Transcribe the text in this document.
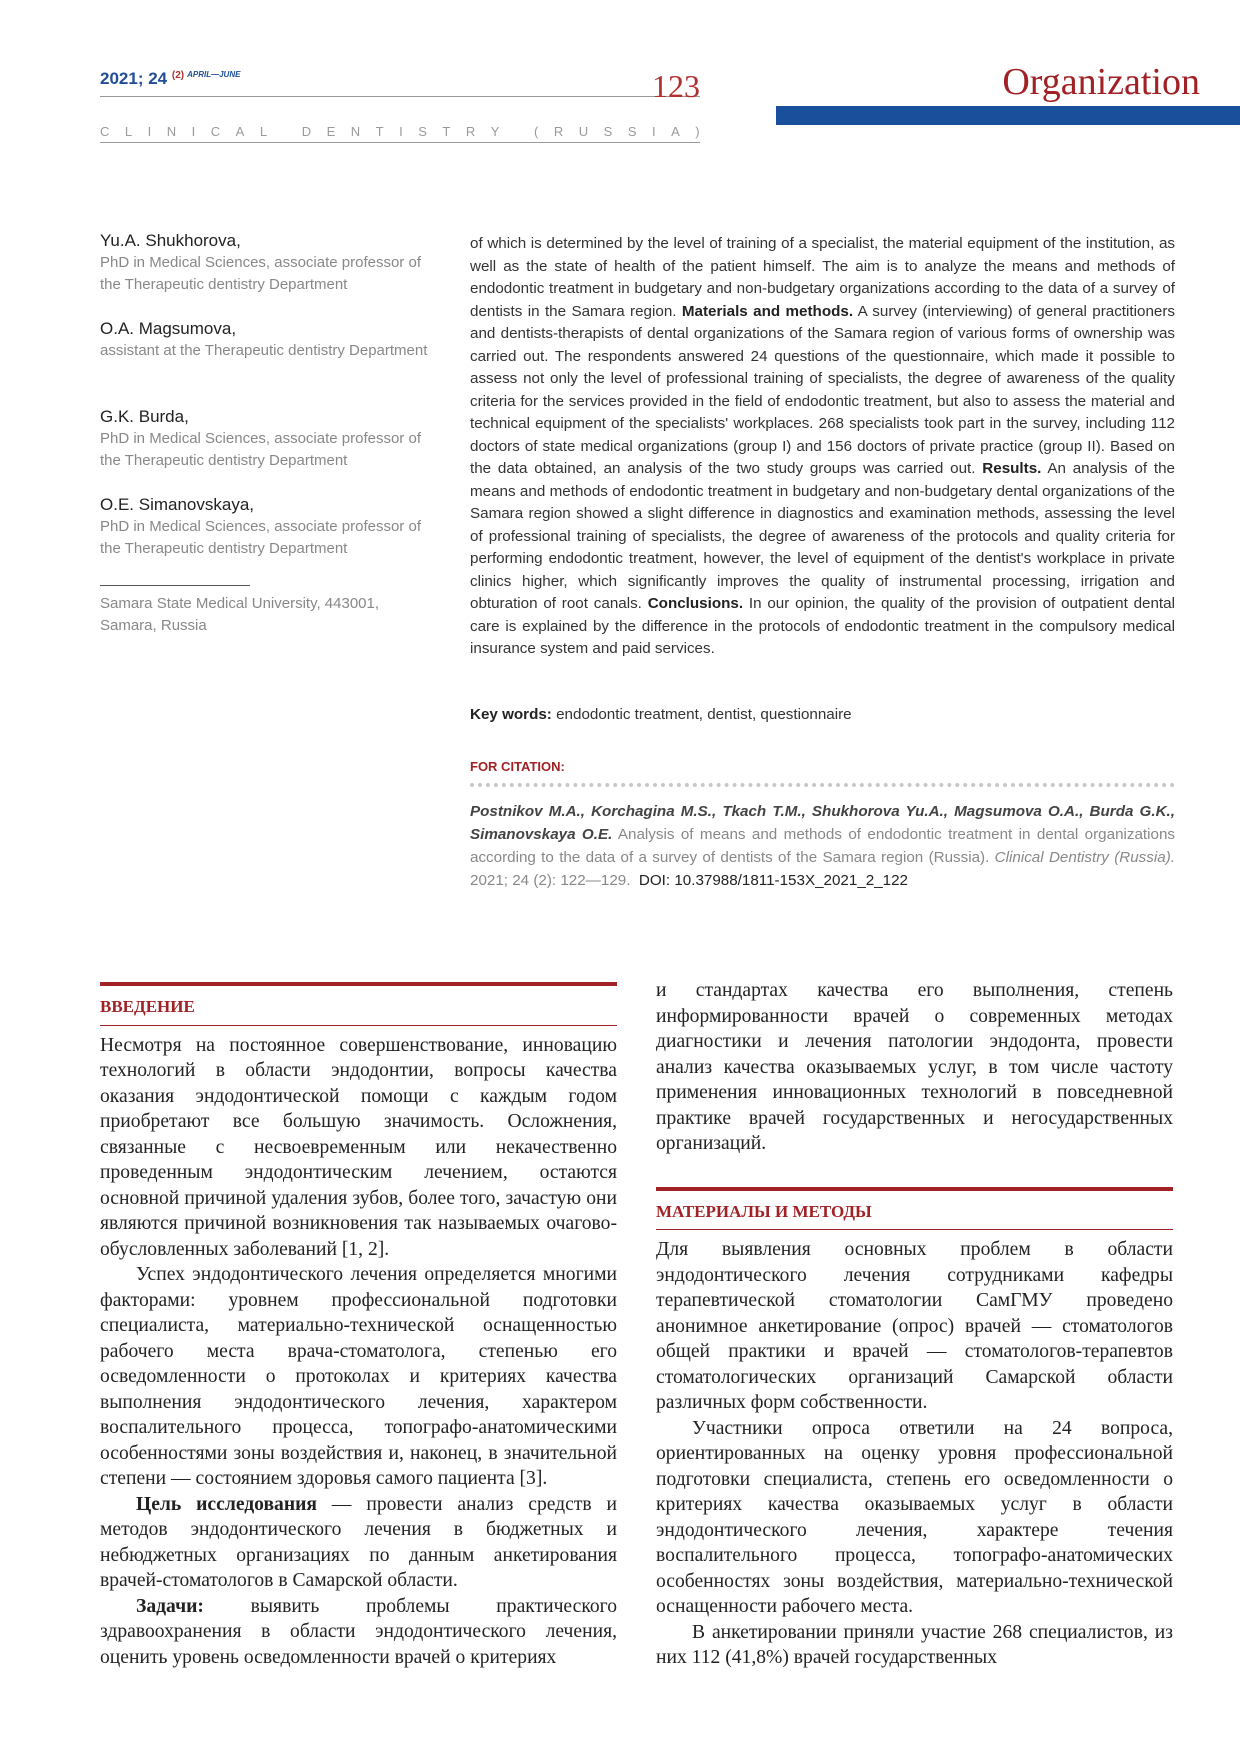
2021; 24 $^{(2)}$ $^{APRIL—JUNE}$	123
C L I N I C A L
	D E N T I S T R Y
	( R U S S I A )
Organization
Yu.A. Shukhorova,
PhD in Medical Sciences, associate professor of the Therapeutic dentistry Department
O.A. Magsumova,
assistant at the Therapeutic dentistry Department
G.K. Burda,
PhD in Medical Sciences, associate professor of the Therapeutic dentistry Department
O.E. Simanovskaya,
PhD in Medical Sciences, associate professor of the Therapeutic dentistry Department
Samara State Medical University, 443001, Samara, Russia

of which is determined by the level of training of a specialist, the material equipment of the institution, as well as the state of health of the patient himself. The aim is to analyze the means and methods of endodontic treatment in budgetary and non-budgetary organizations according to the data of a survey of dentists in the Samara region. Materials and methods. A survey (interviewing) of general practitioners and dentists-therapists of dental organizations of the Samara region of various forms of ownership was carried out. The respondents answered 24 questions of the questionnaire, which made it possible to assess not only the level of professional training of specialists, the degree of awareness of the quality criteria for the services provided in the field of endodontic treatment, but also to assess the material and technical equipment of the specialists' workplaces. 268 specialists took part in the survey, including 112 doctors of state medical organizations (group I) and 156 doctors of private practice (group II). Based on the data obtained, an analysis of the two study groups was carried out. Results. An analysis of the means and methods of endodontic treatment in budgetary and non-budgetary dental organizations of the Samara region showed a slight difference in diagnostics and examination methods, assessing the level of professional training of specialists, the degree of awareness of the protocols and quality criteria for performing endodontic treatment, however, the level of equipment of the dentist's workplace in private clinics higher, which significantly improves the quality of instrumental processing, irrigation and obturation of root canals. Conclusions. In our opinion, the quality of the provision of outpatient dental care is explained by the difference in the protocols of endodontic treatment in the compulsory medical insurance system and paid services.

Key words: endodontic treatment, dentist, questionnaire
FOR CITATION:

Postnikov M.A., Korchagina M.S., Tkach T.M., Shukhorova Yu.A., Magsumova O.A., Burda G.K., Simanovskaya O.E. Analysis of means and methods of endodontic treatment in dental organizations according to the data of a survey of dentists of the Samara region (Russia). Clinical Dentistry (Russia). 2021; 24 (2): 122—129. DOI: 10.37988/1811-153X_2021_2_122

ВВЕДЕНИЕ

Несмотря на постоянное совершенствование, инновацию технологий в области эндодонтии, вопросы качества оказания эндодонтической помощи с каждым годом приобретают все большую значимость. Осложнения, связанные с несвоевременным или некачественно проведенным эндодонтическим лечением, остаются основной причиной удаления зубов, более того, зачастую они являются причиной возникновения так называемых очагово-обусловленных заболеваний [1, 2].

Успех эндодонтического лечения определяется многими факторами: уровнем профессиональной подготовки специалиста, материально-технической оснащенностью рабочего места врача-стоматолога, степенью его осведомленности о протоколах и критериях качества выполнения эндодонтического лечения, характером воспалительного процесса, топографо-анатомическими особенностями зоны воздействия и, наконец, в значительной степени — состоянием здоровья самого пациента [3].

Цель исследования — провести анализ средств и методов эндодонтического лечения в бюджетных и небюджетных организациях по данным анкетирования врачей-стоматологов в Самарской области.

Задачи: выявить проблемы практического здравоохранения в области эндодонтического лечения, оценить уровень осведомленности врачей о критериях

и стандартах качества его выполнения, степень информированности врачей о современных методах диагностики и лечения патологии эндодонта, провести анализ качества оказываемых услуг, в том числе частоту применения инновационных технологий в повседневной практике врачей государственных и негосударственных организаций.

МАТЕРИАЛЫ И МЕТОДЫ

Для выявления основных проблем в области эндодонтического лечения сотрудниками кафедры терапевтической стоматологии СамГМУ проведено анонимное анкетирование (опрос) врачей — стоматологов общей практики и врачей — стоматологов-терапевтов стоматологических организаций Самарской области различных форм собственности.

Участники опроса ответили на 24 вопроса, ориентированных на оценку уровня профессиональной подготовки специалиста, степень его осведомленности о критериях качества оказываемых услуг в области эндодонтического лечения, характере течения воспалительного процесса, топографо-анатомических особенностях зоны воздействия, материально-технической оснащенности рабочего места.

В анкетировании приняли участие 268 специалистов, из них 112 (41,8%) врачей государственных
